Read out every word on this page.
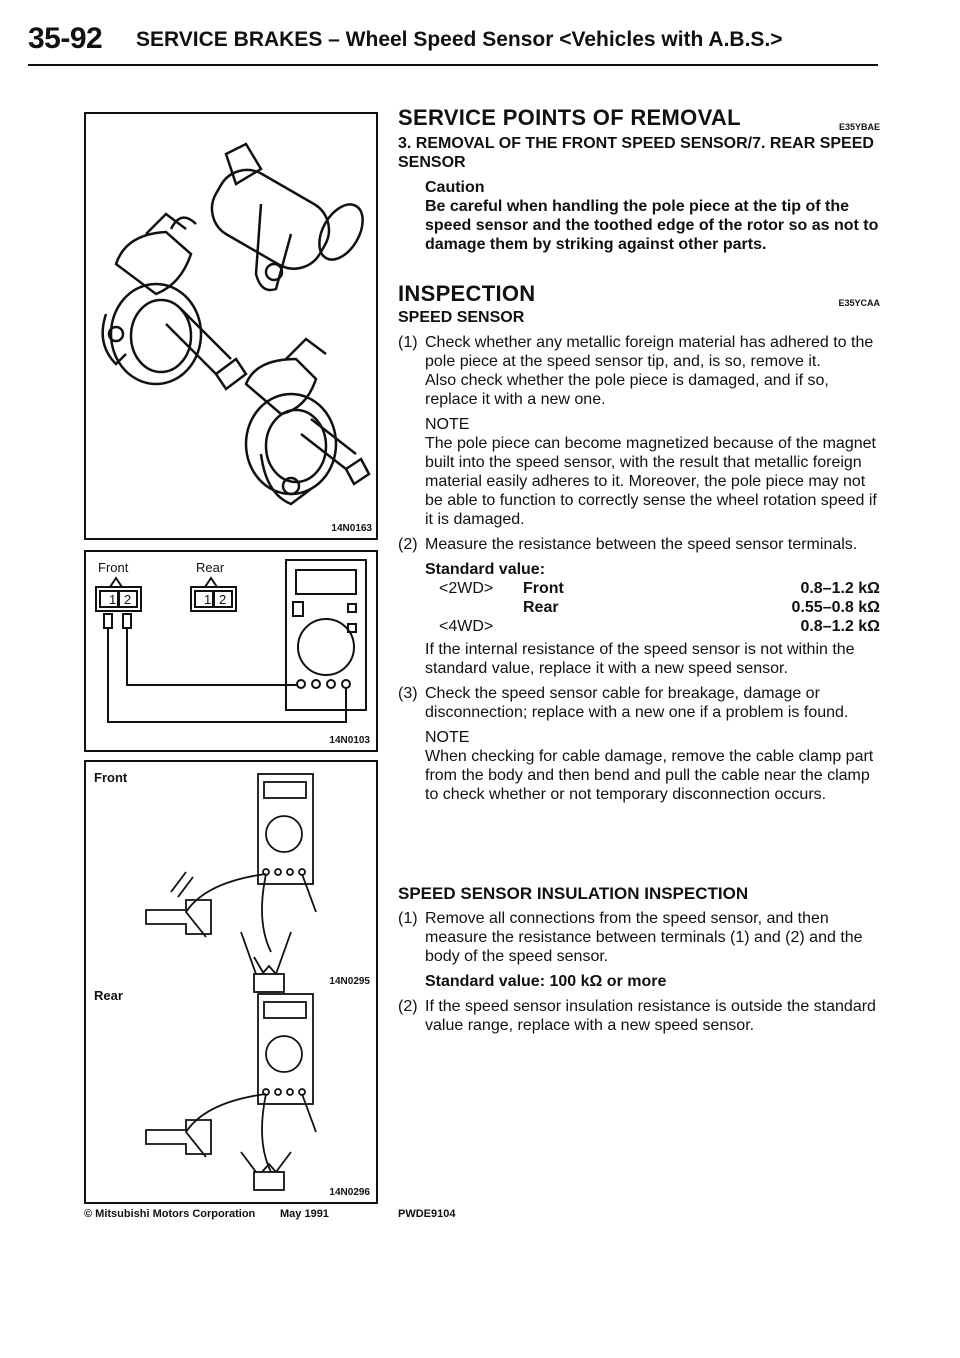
35-92 SERVICE BRAKES – Wheel Speed Sensor <Vehicles with A.B.S.>
14N0163
1 2	1 2
Front	Rear
14N0103
Front
14N0295
Rear
14N0296
SERVICE POINTS OF REMOVAL	E35YBAE
3. REMOVAL OF THE FRONT SPEED SENSOR/7. REAR SPEED SENSOR
Caution
Be careful when handling the pole piece at the tip of the speed sensor and the toothed edge of the rotor so as not to damage them by striking against other parts.
INSPECTION	E35YCAA
SPEED SENSOR
(1) Check whether any metallic foreign material has adhered to the pole piece at the speed sensor tip, and, is so, remove it.
Also check whether the pole piece is damaged, and if so, replace it with a new one.
NOTE
The pole piece can become magnetized because of the magnet built into the speed sensor, with the result that metallic foreign material easily adheres to it. Moreover, the pole piece may not be able to function to correctly sense the wheel rotation speed if it is damaged.
(2) Measure the resistance between the speed sensor terminals.
Standard value:
<2WD> Front	0.8–1.2 kΩ
Rear	0.55–0.8 kΩ
<4WD>	0.8–1.2 kΩ
If the internal resistance of the speed sensor is not within the standard value, replace it with a new speed sensor.
(3) Check the speed sensor cable for breakage, damage or disconnection; replace with a new one if a problem is found.
NOTE
When checking for cable damage, remove the cable clamp part from the body and then bend and pull the cable near the clamp to check whether or not temporary disconnection occurs.
SPEED SENSOR INSULATION INSPECTION
(1) Remove all connections from the speed sensor, and then measure the resistance between terminals (1) and (2) and the body of the speed sensor.
Standard value: 100 kΩ or more
(2) If the speed sensor insulation resistance is outside the standard value range, replace with a new speed sensor.
© Mitsubishi Motors Corporation May 1991	PWDE9104
